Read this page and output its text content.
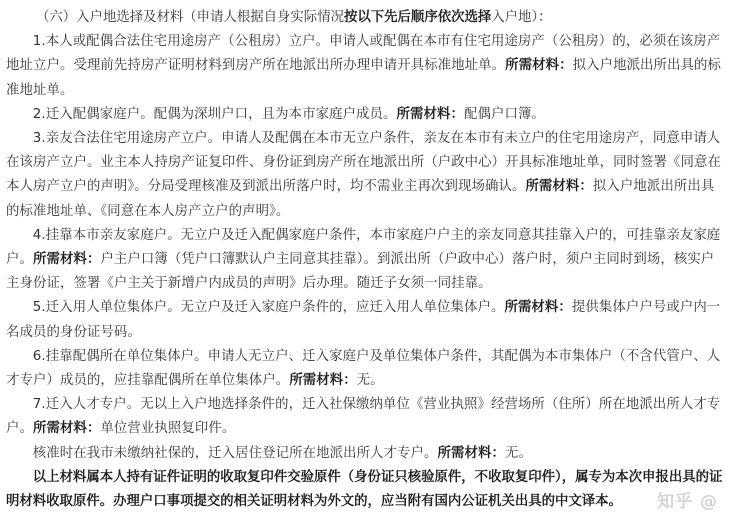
（六）入户地选择及材料（申请人根据自身实际情况按以下先后顺序依次选择入户地）：

1.本人或配偶合法住宅用途房产（公租房）立户。申请人或配偶在本市有住宅用途房产（公租房）的，必须在该房产地址立户。受理前先持房产证明材料到房产所在地派出所办理申请开具标准地址单。所需材料：拟入户地派出所出具的标准地址单。

2.迁入配偶家庭户。配偶为深圳户口，且为本市家庭户成员。所需材料：配偶户口簿。

3.亲友合法住宅用途房产立户。申请人及配偶在本市无立户条件，亲友在本市有未立户的住宅用途房产，同意申请人在该房产立户。业主本人持房产证复印件、身份证到房产所在地派出所（户政中心）开具标准地址单，同时签署《同意在本人房产立户的声明》。分局受理核准及到派出所落户时，均不需业主再次到现场确认。所需材料：拟入户地派出所出具的标准地址单、《同意在本人房产立户的声明》。

4.挂靠本市亲友家庭户。无立户及迁入配偶家庭户条件，本市家庭户户主的亲友同意其挂靠入户的，可挂靠亲友家庭户。所需材料：户主户口簿（凭户口簿默认户主同意其挂靠）。到派出所（户政中心）落户时，须户主同时到场，核实户主身份证，签署《户主关于新增户内成员的声明》后办理。随迁子女须一同挂靠。

5.迁入用人单位集体户。无立户及迁入家庭户条件的，应迁入用人单位集体户。所需材料：提供集体户户号或户内一名成员的身份证号码。

6.挂靠配偶所在单位集体户。申请人无立户、迁入家庭户及单位集体户条件，其配偶为本市集体户（不含代管户、人才专户）成员的，应挂靠配偶所在单位集体户。所需材料：无。

7.迁入人才专户。无以上入户地选择条件的，迁入社保缴纳单位《营业执照》经营场所（住所）所在地派出所人才专户。所需材料：单位营业执照复印件。

核准时在我市未缴纳社保的，迁入居住登记所在地派出所人才专户。所需材料：无。

以上材料属本人持有证件证明的收取复印件交验原件（身份证只核验原件，不收取复印件），属专为本次申报出具的证明材料收取原件。办理户口事项提交的相关证明材料为外文的，应当附有国内公证机关出具的中文译本。	知乎 @
